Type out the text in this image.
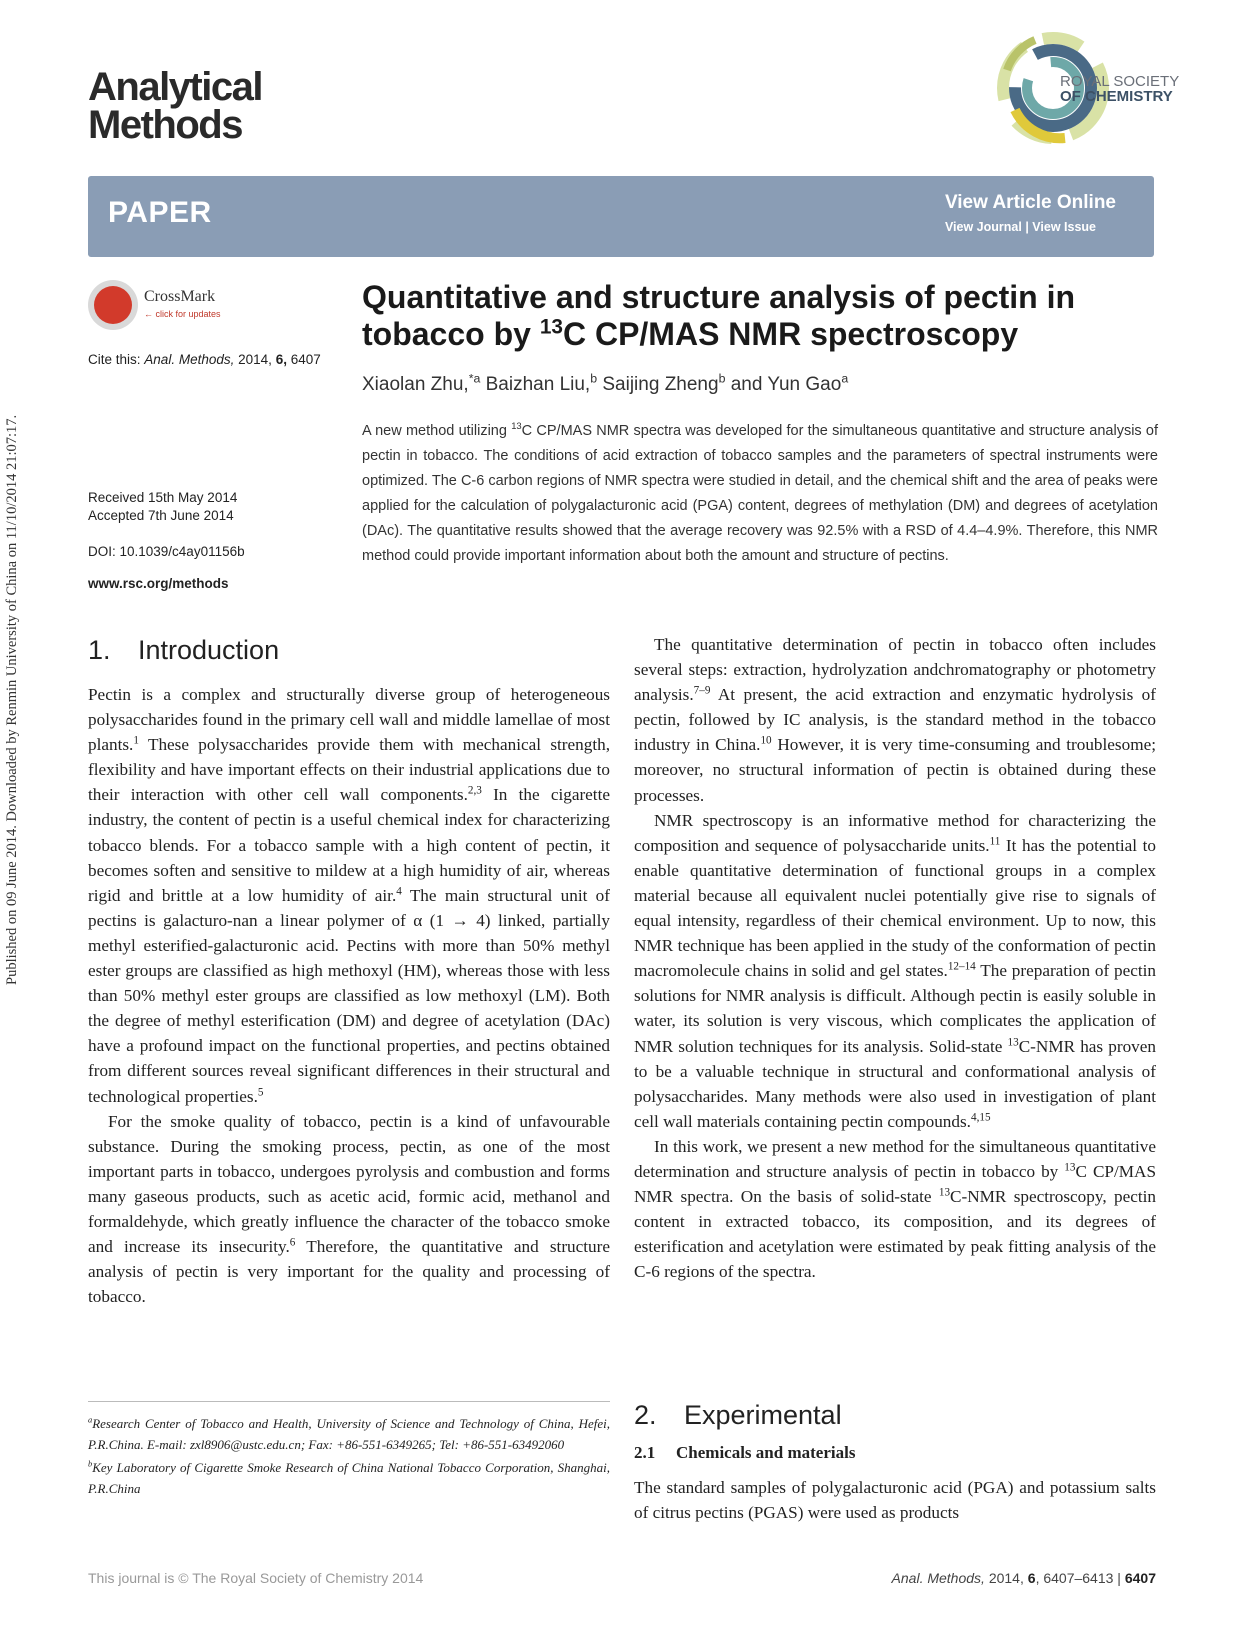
Published on 09 June 2014. Downloaded by Renmin University of China on 11/10/2014 21:07:17.
Analytical
Methods
ROYAL SOCIETY
OF CHEMISTRY
PAPER	View Article Online
View Journal | View Issue
CrossMark
← click for updates
Cite this: Anal. Methods, 2014, 6, 6407
Received 15th May 2014
Accepted 7th June 2014
DOI: 10.1039/c4ay01156b
www.rsc.org/methods
Quantitative and structure analysis of pectin in
tobacco by $^{13}$C CP/MAS NMR spectroscopy
Xiaolan Zhu,$^{*a}$ Baizhan Liu,$^b$ Saijing Zheng$^b$ and Yun Gao$^a$
A new method utilizing $^{13}$C CP/MAS NMR spectra was developed for the simultaneous quantitative and structure analysis of pectin in tobacco. The conditions of acid extraction of tobacco samples and the parameters of spectral instruments were optimized. The C-6 carbon regions of NMR spectra were studied in detail, and the chemical shift and the area of peaks were applied for the calculation of polygalacturonic acid (PGA) content, degrees of methylation (DM) and degrees of acetylation (DAc). The quantitative results showed that the average recovery was 92.5% with a RSD of 4.4–4.9%. Therefore, this NMR method could provide important information about both the amount and structure of pectins.
1. Introduction

Pectin is a complex and structurally diverse group of heterogeneous polysaccharides found in the primary cell wall and middle lamellae of most plants.$^1$ These polysaccharides provide them with mechanical strength, flexibility and have important effects on their industrial applications due to their interaction with other cell wall components.$^{2,3}$ In the cigarette industry, the content of pectin is a useful chemical index for characterizing tobacco blends. For a tobacco sample with a high content of pectin, it becomes soften and sensitive to mildew at a high humidity of air, whereas rigid and brittle at a low humidity of air.$^4$ The main structural unit of pectins is galacturo-nan a linear polymer of α (1 → 4) linked, partially methyl esterified-galacturonic acid. Pectins with more than 50% methyl ester groups are classified as high methoxyl (HM), whereas those with less than 50% methyl ester groups are classified as low methoxyl (LM). Both the degree of methyl esterification (DM) and degree of acetylation (DAc) have a profound impact on the functional properties, and pectins obtained from different sources reveal significant differences in their structural and technological properties.$^5$

For the smoke quality of tobacco, pectin is a kind of unfavourable substance. During the smoking process, pectin, as one of the most important parts in tobacco, undergoes pyrolysis and combustion and forms many gaseous products, such as acetic acid, formic acid, methanol and formaldehyde, which greatly influence the character of the tobacco smoke and increase its insecurity.$^6$ Therefore, the quantitative and structure analysis of pectin is very important for the quality and processing of tobacco.

The quantitative determination of pectin in tobacco often includes several steps: extraction, hydrolyzation andchromatography or photometry analysis.$^{7-9}$ At present, the acid extraction and enzymatic hydrolysis of pectin, followed by IC analysis, is the standard method in the tobacco industry in China.$^{10}$ However, it is very time-consuming and troublesome; moreover, no structural information of pectin is obtained during these processes.

NMR spectroscopy is an informative method for characterizing the composition and sequence of polysaccharide units.$^{11}$ It has the potential to enable quantitative determination of functional groups in a complex material because all equivalent nuclei potentially give rise to signals of equal intensity, regardless of their chemical environment. Up to now, this NMR technique has been applied in the study of the conformation of pectin macromolecule chains in solid and gel states.$^{12-14}$ The preparation of pectin solutions for NMR analysis is difficult. Although pectin is easily soluble in water, its solution is very viscous, which complicates the application of NMR solution techniques for its analysis. Solid-state $^{13}$C-NMR has proven to be a valuable technique in structural and conformational analysis of polysaccharides. Many methods were also used in investigation of plant cell wall materials containing pectin compounds.$^{4,15}$

In this work, we present a new method for the simultaneous quantitative determination and structure analysis of pectin in tobacco by $^{13}$C CP/MAS NMR spectra. On the basis of solid-state $^{13}$C-NMR spectroscopy, pectin content in extracted tobacco, its composition, and its degrees of esterification and acetylation were estimated by peak fitting analysis of the C-6 regions of the spectra.

2. Experimental
2.1 Chemicals and materials

The standard samples of polygalacturonic acid (PGA) and potassium salts of citrus pectins (PGAS) were used as products

$^a$Research Center of Tobacco and Health, University of Science and Technology of China, Hefei, P.R.China. E-mail: zxl8906@ustc.edu.cn; Fax: +86-551-6349265; Tel: +86-551-63492060

$^b$Key Laboratory of Cigarette Smoke Research of China National Tobacco Corporation, Shanghai, P.R.China

This journal is © The Royal Society of Chemistry 2014	Anal. Methods, 2014, 6, 6407–6413 | 6407
